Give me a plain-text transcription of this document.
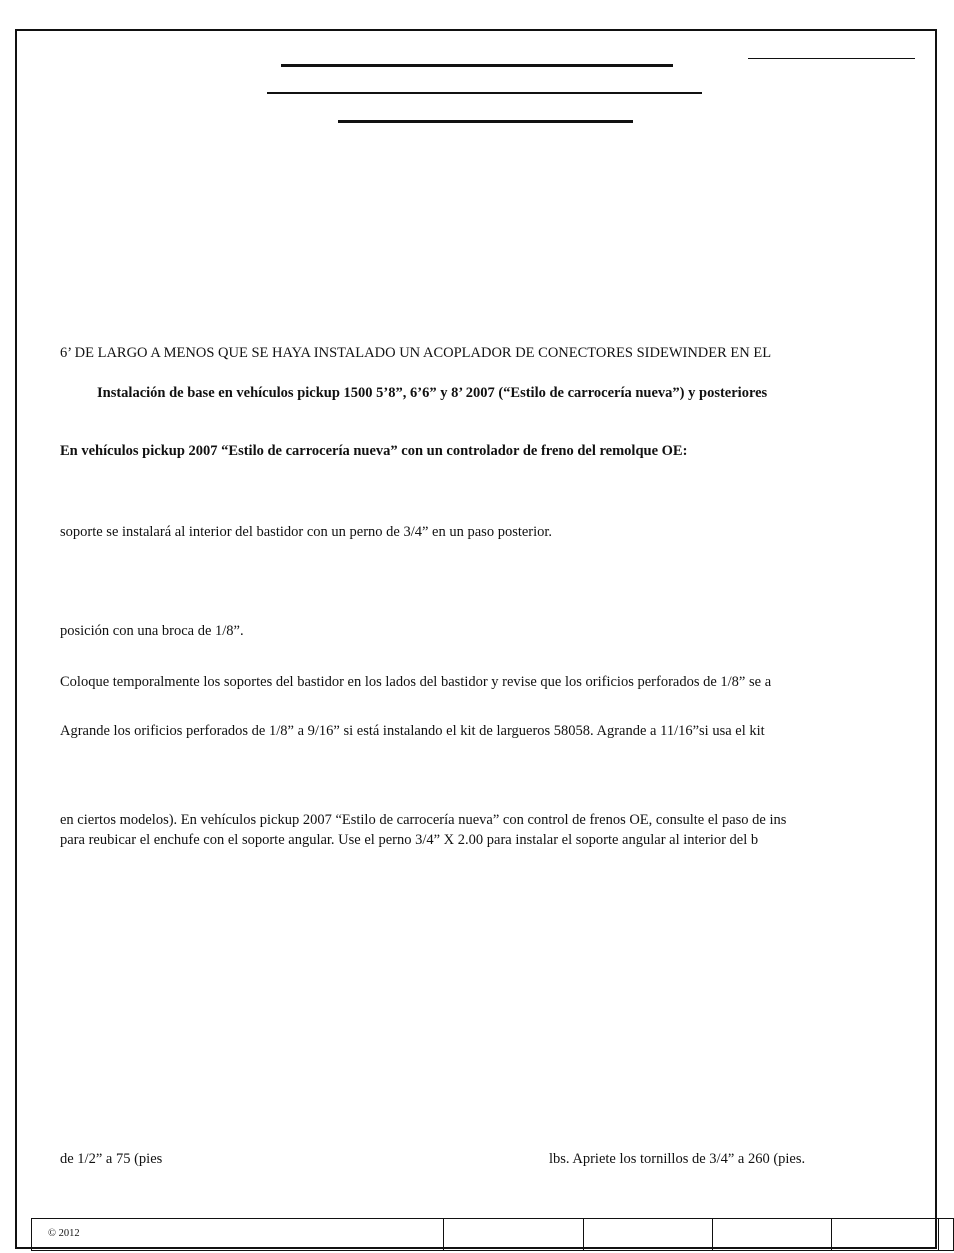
6’ DE LARGO A MENOS QUE SE HAYA INSTALADO UN ACOPLADOR DE CONECTORES SIDEWINDER EN EL
Instalación de base en vehículos pickup 1500 5’8”, 6’6” y 8’ 2007 (“Estilo de carrocería nueva”) y posteriores
En vehículos pickup 2007 “Estilo de carrocería nueva” con un controlador de freno del remolque OE:
soporte se instalará al interior del bastidor con un perno de 3/4” en un paso posterior.
posición con una broca de 1/8”.
Coloque temporalmente los soportes del bastidor en los lados del bastidor y revise que los orificios perforados de 1/8” se a
Agrande los orificios perforados de 1/8” a 9/16” si está instalando el kit de largueros 58058. Agrande a 11/16”si usa el kit
en ciertos modelos). En vehículos pickup 2007 “Estilo de carrocería nueva” con control de frenos OE, consulte el paso de ins
para reubicar el enchufe con el soporte angular. Use el perno 3/4” X 2.00 para instalar el soporte angular al interior del b
de 1/2” a 75 (pies	lbs. Apriete los tornillos de 3/4” a 260 (pies.
© 2012
